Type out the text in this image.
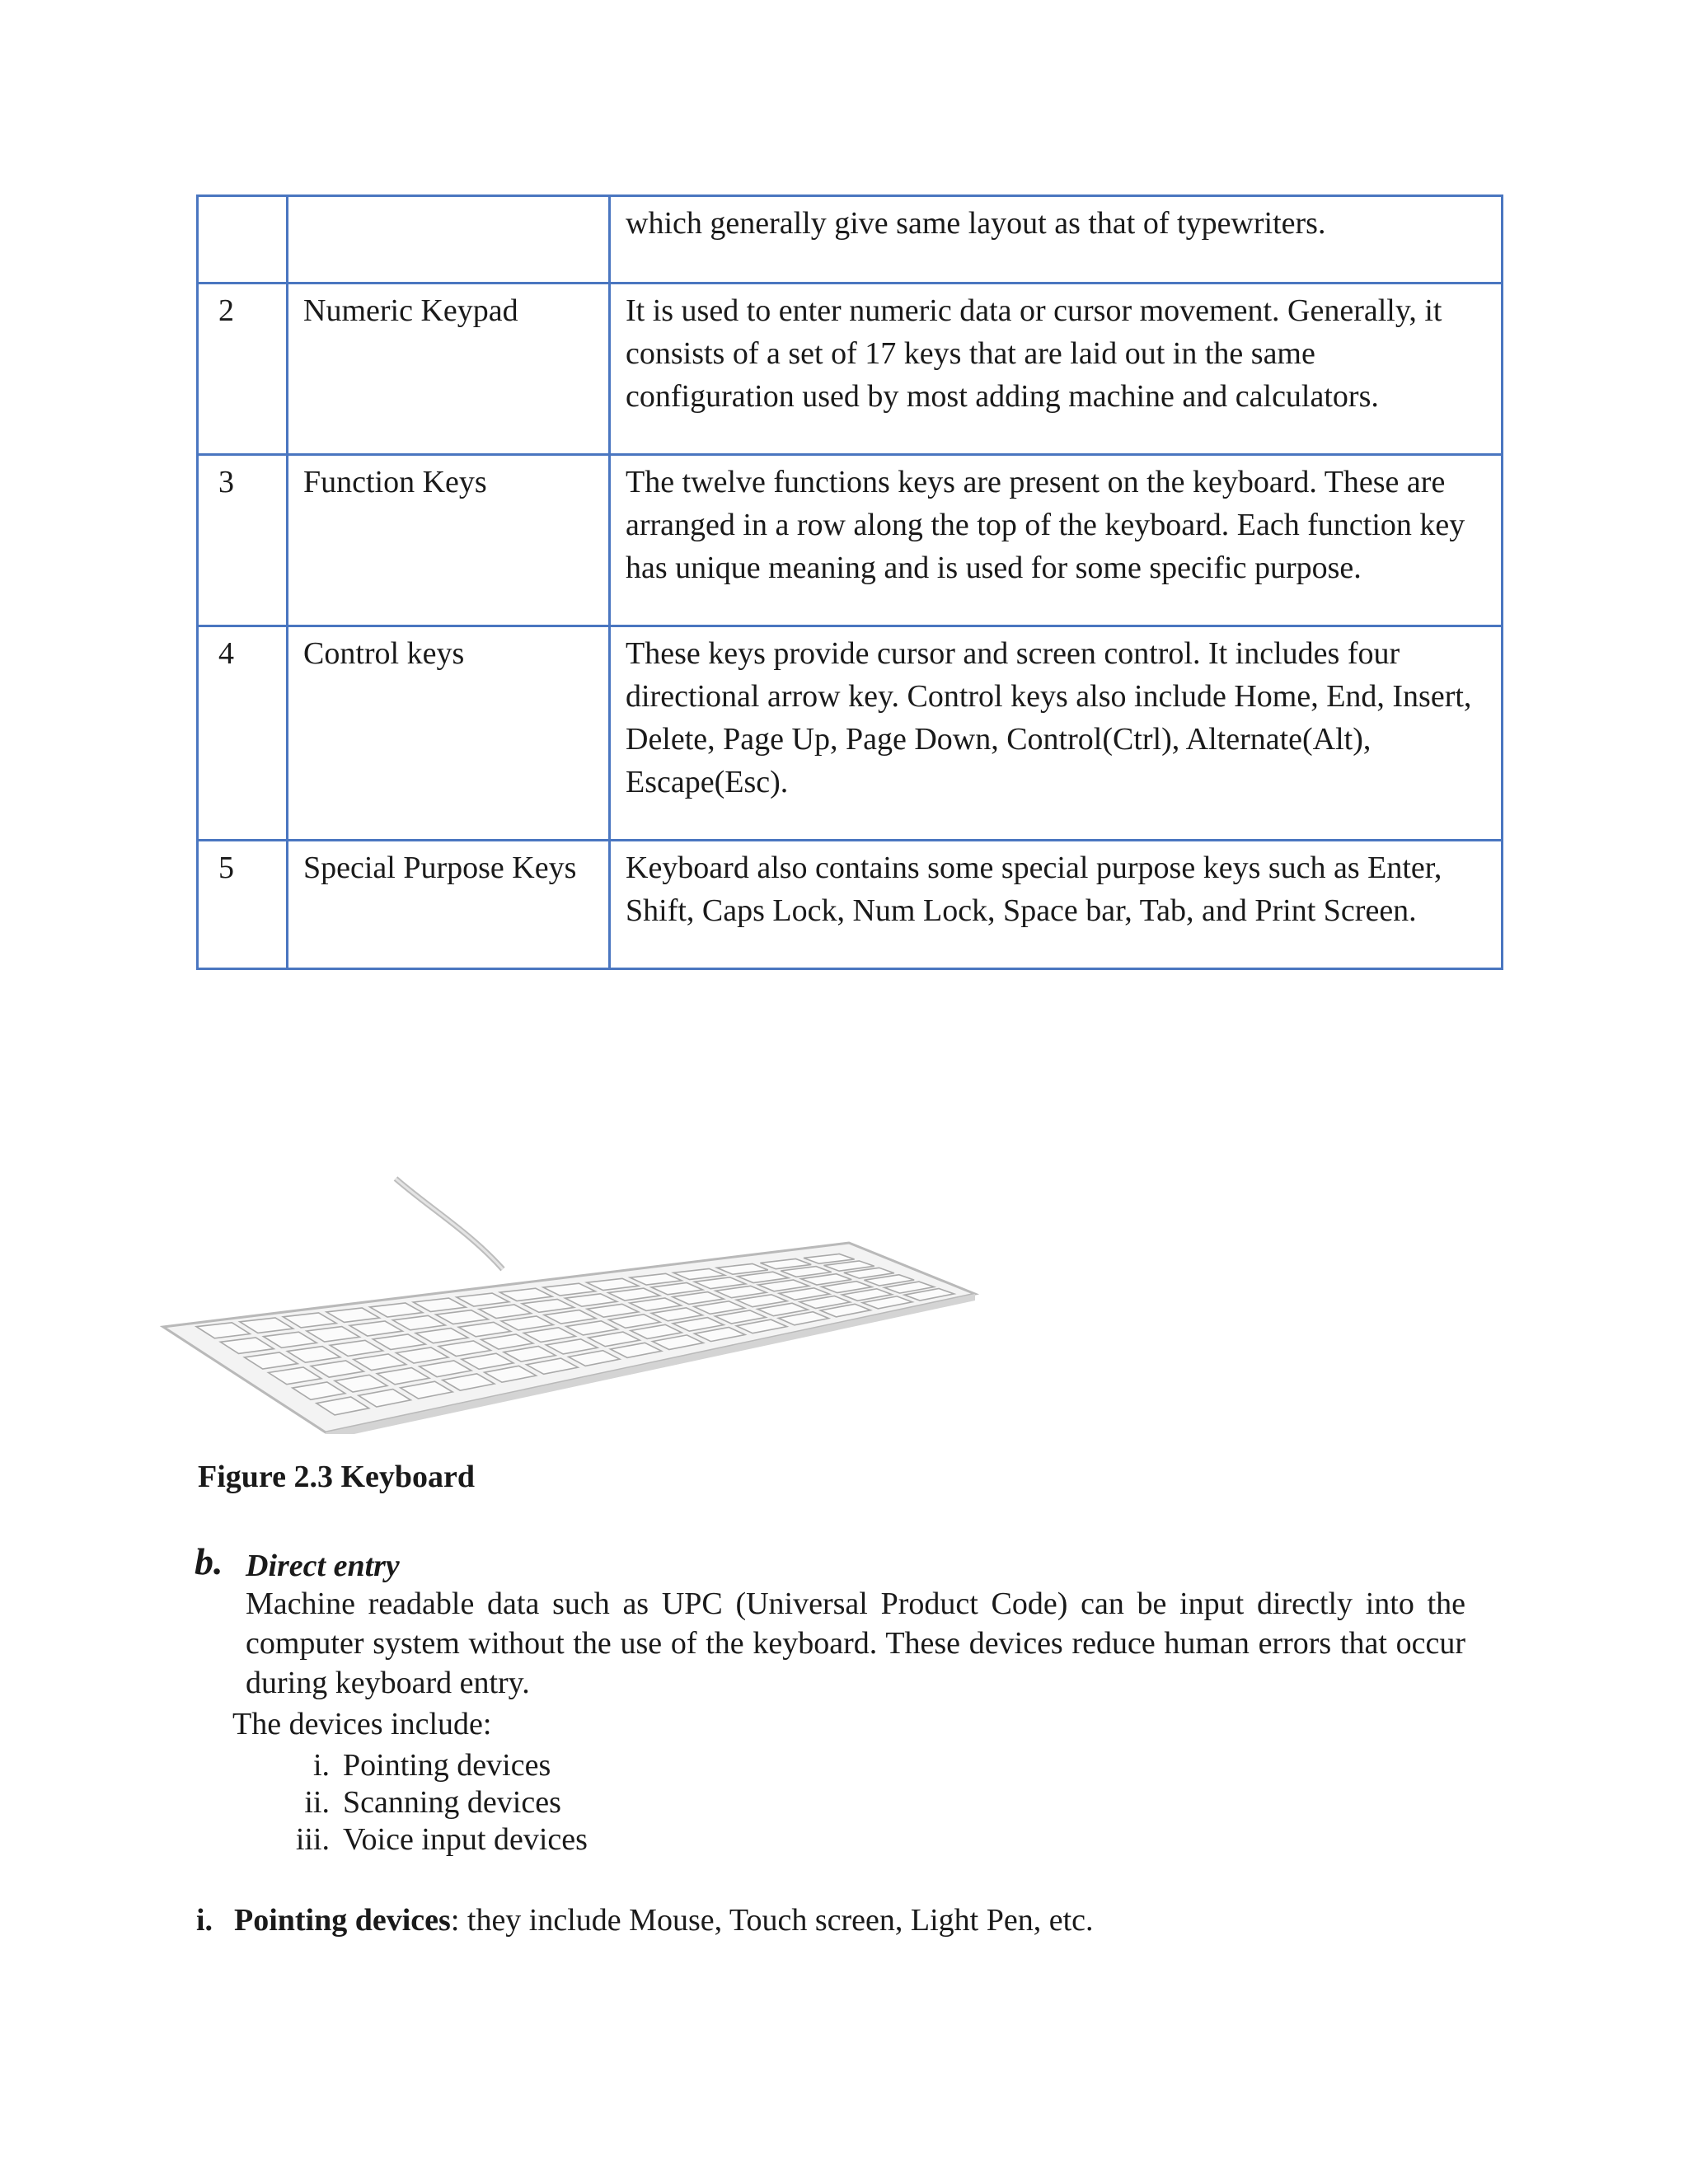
		which generally give same layout as that of typewriters.
2	Numeric Keypad	It is used to enter numeric data or cursor movement. Generally, it consists of a set of 17 keys that are laid out in the same configuration used by most adding machine and calculators.
3	Function Keys	The twelve functions keys are present on the keyboard. These are arranged in a row along the top of the keyboard. Each function key has unique meaning and is used for some specific purpose.
4	Control keys	These keys provide cursor and screen control. It includes four directional arrow key. Control keys also include Home, End, Insert, Delete, Page Up, Page Down, Control(Ctrl), Alternate(Alt), Escape(Esc).
5	Special Purpose Keys	Keyboard also contains some special purpose keys such as Enter, Shift, Caps Lock, Num Lock, Space bar, Tab, and Print Screen.
Figure 2.3 Keyboard
b. Direct entry

Machine readable data such as UPC (Universal Product Code) can be input directly into the computer system without the use of the keyboard. These devices reduce human errors that occur during keyboard entry.

The devices include:
i. Pointing devices
ii. Scanning devices
iii. Voice input devices
i. Pointing devices: they include Mouse, Touch screen, Light Pen, etc.
